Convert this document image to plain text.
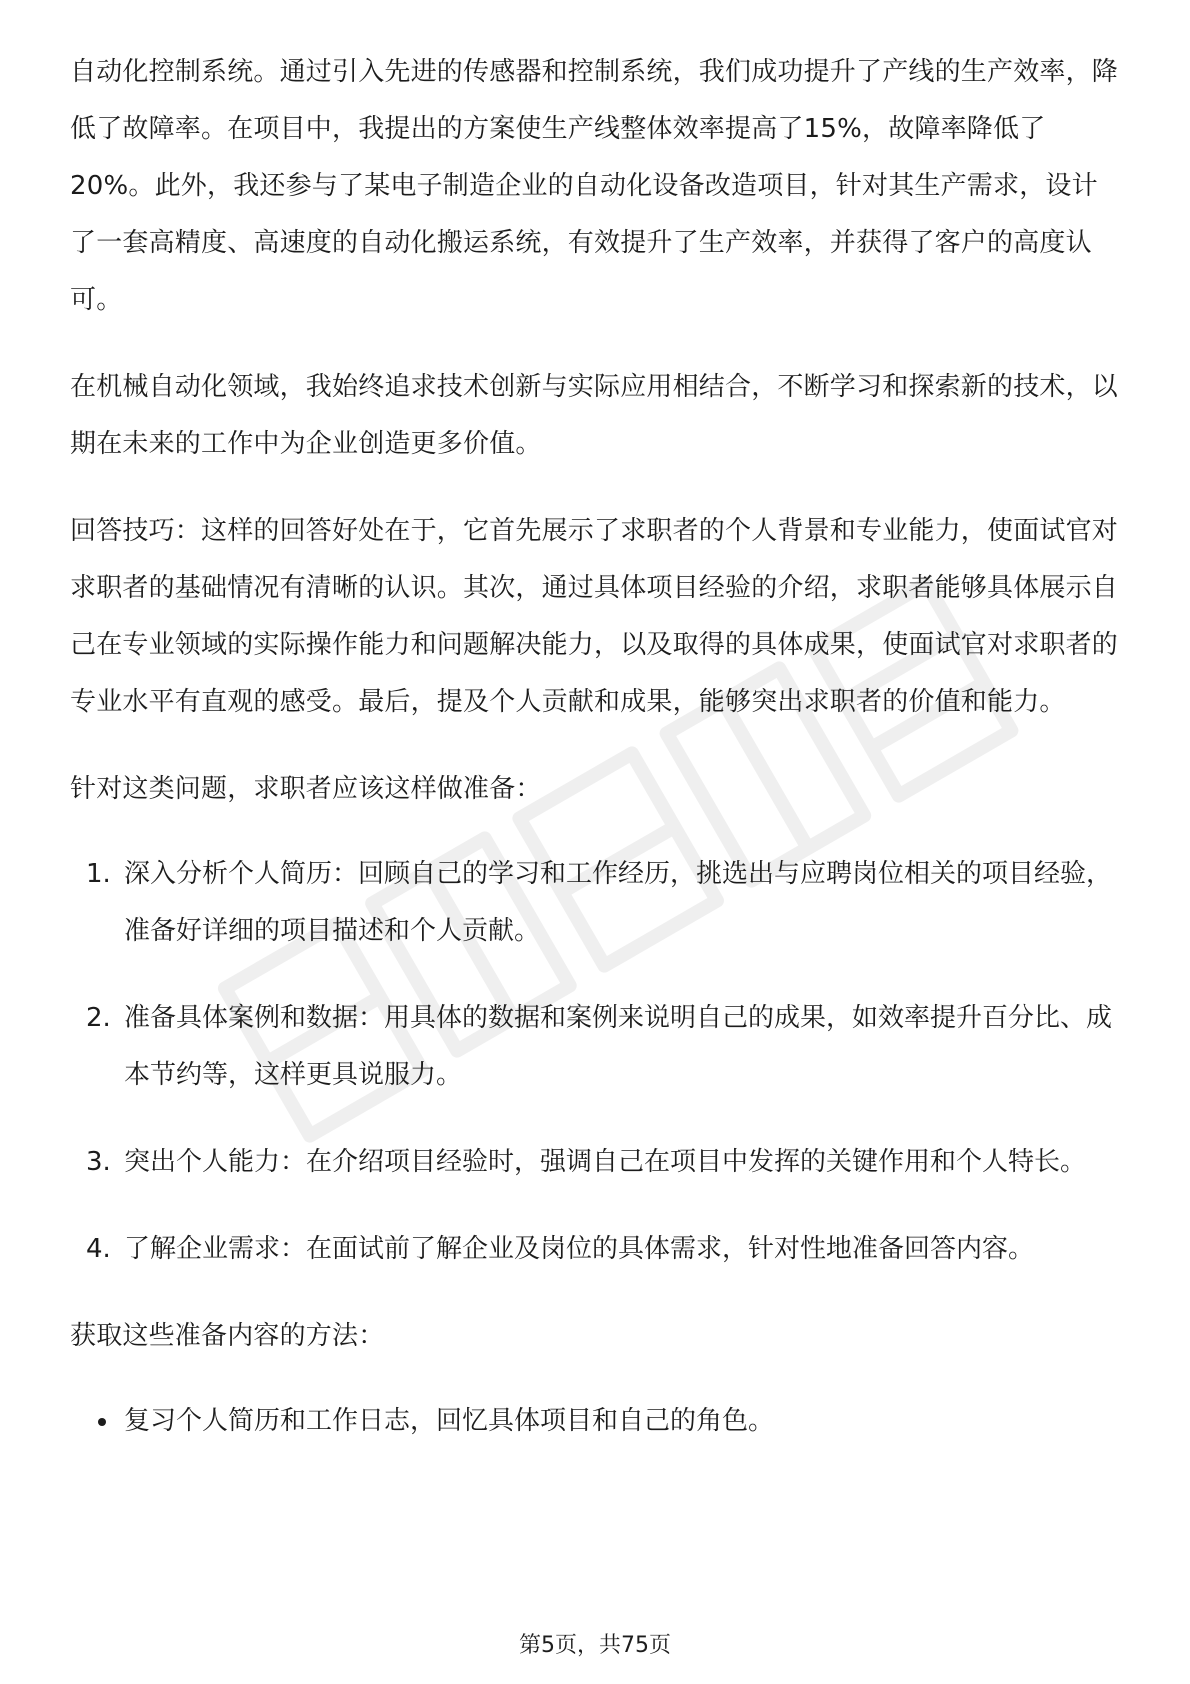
自动化控制系统。通过引入先进的传感器和控制系统，我们成功提升了产线的生产效率，降低了故障率。在项目中，我提出的方案使生产线整体效率提高了15%，故障率降低了20%。此外，我还参与了某电子制造企业的自动化设备改造项目，针对其生产需求，设计了一套高精度、高速度的自动化搬运系统，有效提升了生产效率，并获得了客户的高度认可。

在机械自动化领域，我始终追求技术创新与实际应用相结合，不断学习和探索新的技术，以期在未来的工作中为企业创造更多价值。

回答技巧：这样的回答好处在于，它首先展示了求职者的个人背景和专业能力，使面试官对求职者的基础情况有清晰的认识。其次，通过具体项目经验的介绍，求职者能够具体展示自己在专业领域的实际操作能力和问题解决能力，以及取得的具体成果，使面试官对求职者的专业水平有直观的感受。最后，提及个人贡献和成果，能够突出求职者的价值和能力。

针对这类问题，求职者应该这样做准备：

1. 深入分析个人简历：回顾自己的学习和工作经历，挑选出与应聘岗位相关的项目经验，准备好详细的项目描述和个人贡献。
2. 准备具体案例和数据：用具体的数据和案例来说明自己的成果，如效率提升百分比、成本节约等，这样更具说服力。
3. 突出个人能力：在介绍项目经验时，强调自己在项目中发挥的关键作用和个人特长。
4. 了解企业需求：在面试前了解企业及岗位的具体需求，针对性地准备回答内容。

获取这些准备内容的方法：

复习个人简历和工作日志，回忆具体项目和自己的角色。
第5页，共75页
